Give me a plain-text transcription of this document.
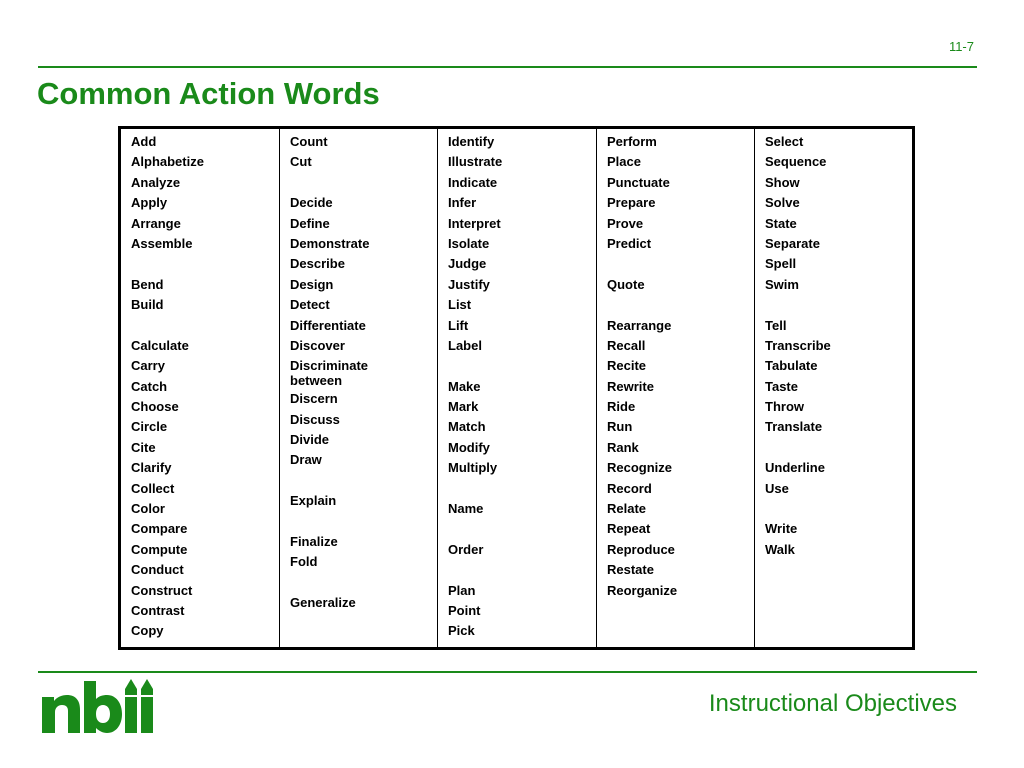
11-7
Common Action Words
Add
Alphabetize
Analyze
Apply
Arrange
Assemble
Bend
Build
Calculate
Carry
Catch
Choose
Circle
Cite
Clarify
Collect
Color
Compare
Compute
Conduct
Construct
Contrast
Copy
Count
Cut
Decide
Define
Demonstrate
Describe
Design
Detect
Differentiate
Discover
Discriminate
between
Discern
Discuss
Divide
Draw
Explain
Finalize
Fold
Generalize
Identify
Illustrate
Indicate
Infer
Interpret
Isolate
Judge
Justify
List
Lift
Label
Make
Mark
Match
Modify
Multiply
Name
Order
Plan
Point
Pick
Perform
Place
Punctuate
Prepare
Prove
Predict
Quote
Rearrange
Recall
Recite
Rewrite
Ride
Run
Rank
Recognize
Record
Relate
Repeat
Reproduce
Restate
Reorganize
Select
Sequence
Show
Solve
State
Separate
Spell
Swim
Tell
Transcribe
Tabulate
Taste
Throw
Translate
Underline
Use
Write
Walk
Instructional Objectives
